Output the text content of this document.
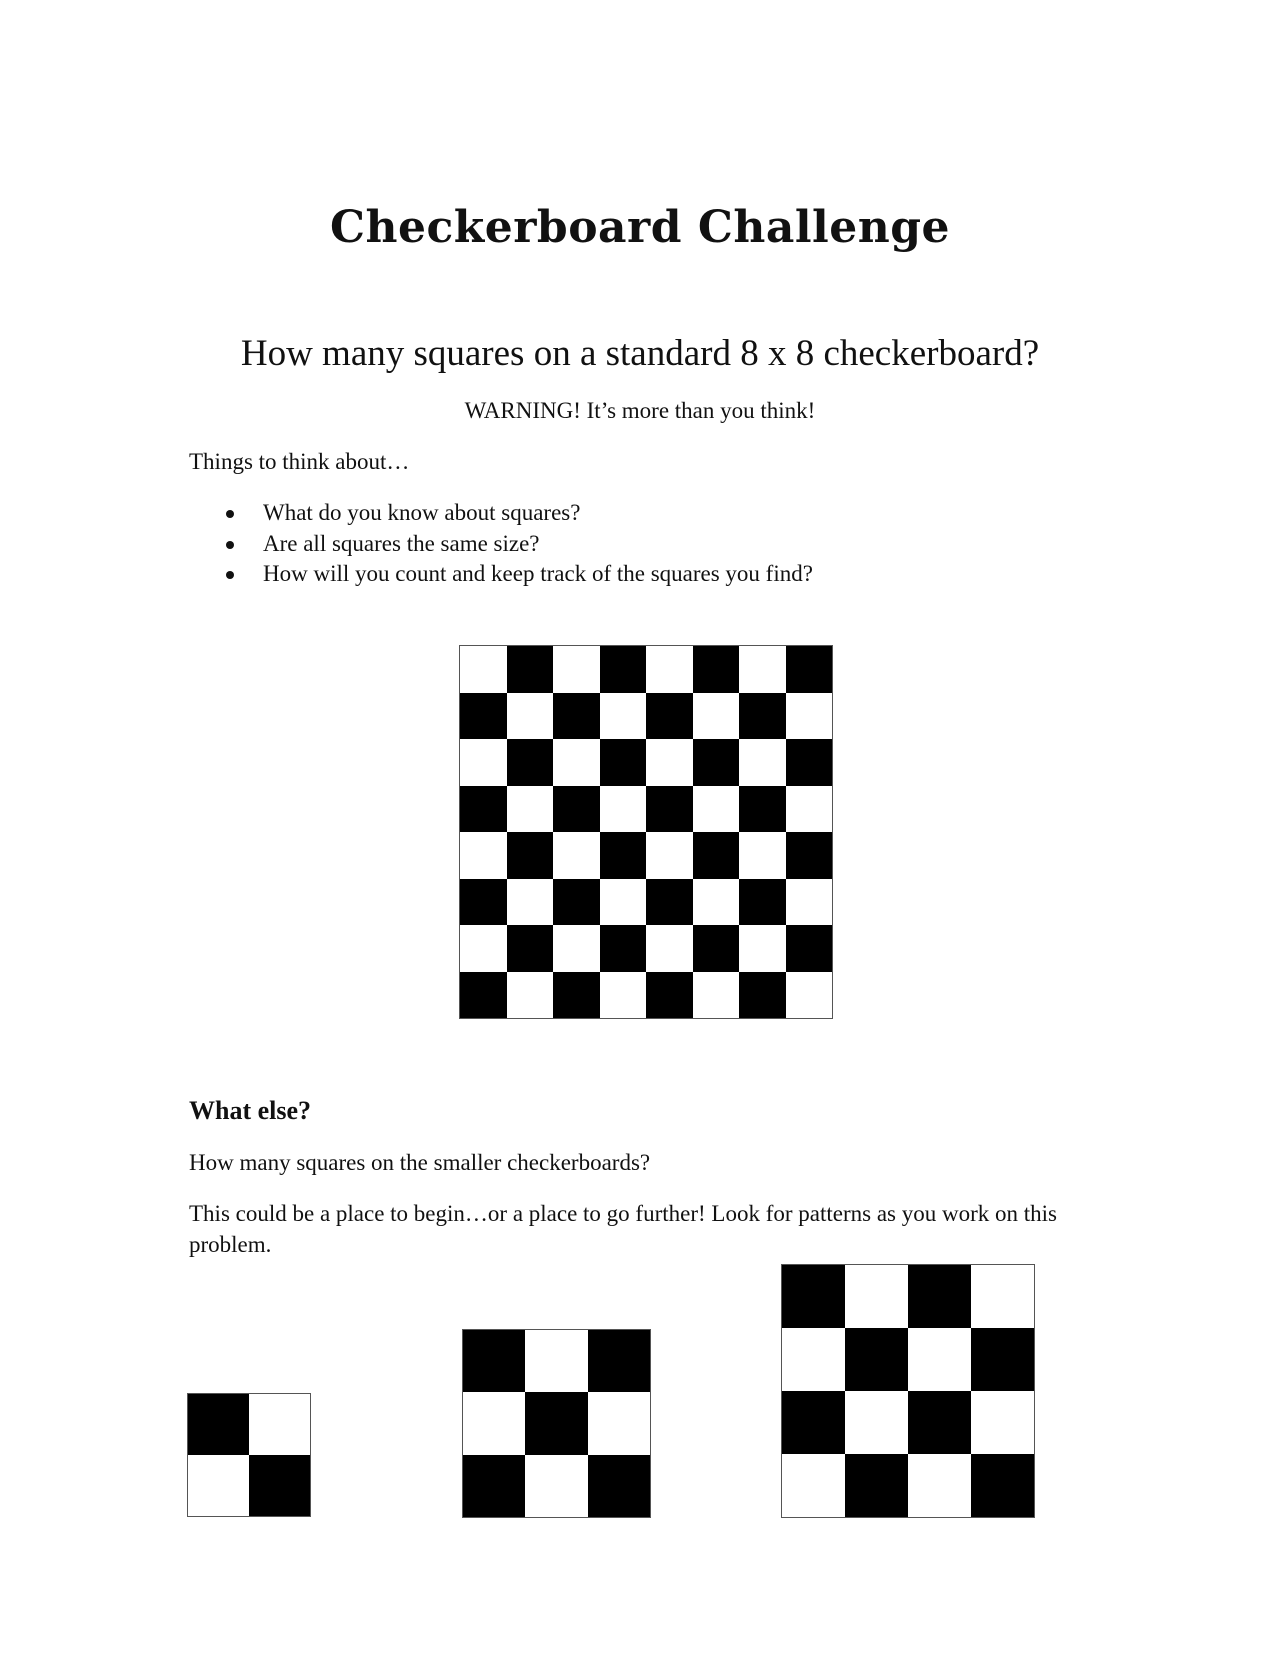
Checkerboard Challenge
How many squares on a standard 8 x 8 checkerboard?
WARNING! It’s more than you think!
Things to think about…
What do you know about squares?
Are all squares the same size?
How will you count and keep track of the squares you find?
What else?
How many squares on the smaller checkerboards?
This could be a place to begin…or a place to go further! Look for patterns as you work on this problem.
